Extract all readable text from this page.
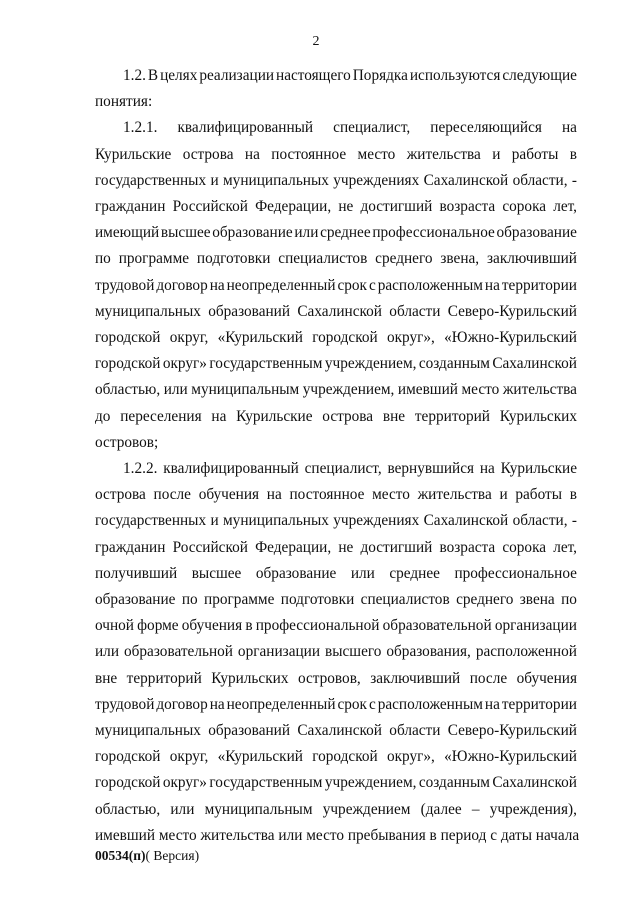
2
1.2. В целях реализации настоящего Порядка используются следующие
понятия:
1.2.1. квалифицированный специалист, переселяющийся на
Курильские острова на постоянное место жительства и работы в
государственных и муниципальных учреждениях Сахалинской области, -
гражданин Российской Федерации, не достигший возраста сорока лет,
имеющий высшее образование или среднее профессиональное образование
по программе подготовки специалистов среднего звена, заключивший
трудовой договор на неопределенный срок с расположенным на территории
муниципальных образований Сахалинской области Северо-Курильский
городской округ, «Курильский городской округ», «Южно-Курильский
городской округ» государственным учреждением, созданным Сахалинской
областью, или муниципальным учреждением, имевший место жительства
до переселения на Курильские острова вне территорий Курильских
островов;
1.2.2. квалифицированный специалист, вернувшийся на Курильские
острова после обучения на постоянное место жительства и работы в
государственных и муниципальных учреждениях Сахалинской области, -
гражданин Российской Федерации, не достигший возраста сорока лет,
получивший высшее образование или среднее профессиональное
образование по программе подготовки специалистов среднего звена по
очной форме обучения в профессиональной образовательной организации
или образовательной организации высшего образования, расположенной
вне территорий Курильских островов, заключивший после обучения
трудовой договор на неопределенный срок с расположенным на территории
муниципальных образований Сахалинской области Северо-Курильский
городской округ, «Курильский городской округ», «Южно-Курильский
городской округ» государственным учреждением, созданным Сахалинской
областью, или муниципальным учреждением (далее – учреждения),
имевший место жительства или место пребывания в период с даты начала
00534(п)( Версия)
